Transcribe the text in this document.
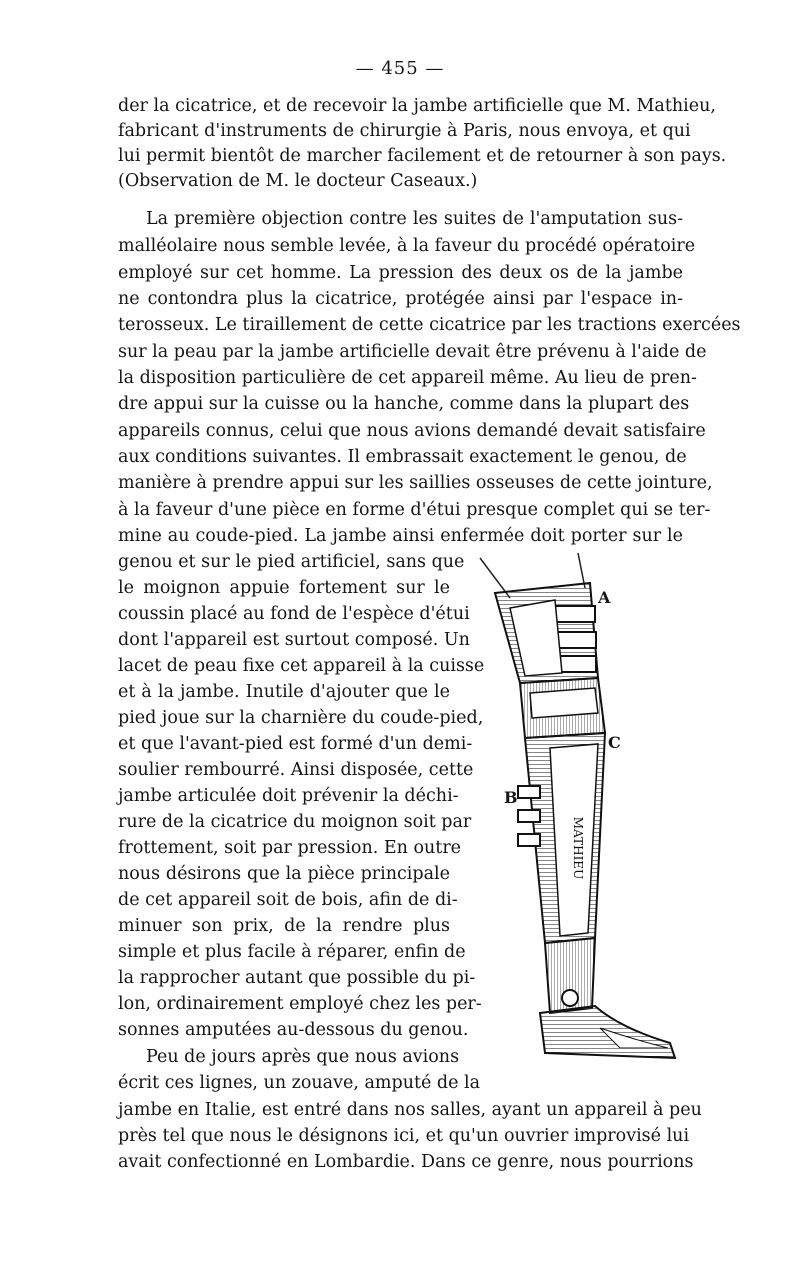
— 455 —
der la cicatrice, et de recevoir la jambe artificielle que M. Mathieu,
fabricant d'instruments de chirurgie à Paris, nous envoya, et qui
lui permit bientôt de marcher facilement et de retourner à son pays.
(Observation de M. le docteur Caseaux.)
La première objection contre les suites de l'amputation sus-
malléolaire nous semble levée, à la faveur du procédé opératoire
employé sur cet homme. La pression des deux os de la jambe
ne contondra plus la cicatrice, protégée ainsi par l'espace in-
terosseux. Le tiraillement de cette cicatrice par les tractions exercées
sur la peau par la jambe artificielle devait être prévenu à l'aide de
la disposition particulière de cet appareil même. Au lieu de pren-
dre appui sur la cuisse ou la hanche, comme dans la plupart des
appareils connus, celui que nous avions demandé devait satisfaire
aux conditions suivantes. Il embrassait exactement le genou, de
manière à prendre appui sur les saillies osseuses de cette jointure,
à la faveur d'une pièce en forme d'étui presque complet qui se ter-
mine au coude-pied. La jambe ainsi enfermée doit porter sur le
genou et sur le pied artificiel, sans que
le moignon appuie fortement sur le
coussin placé au fond de l'espèce d'étui
dont l'appareil est surtout composé. Un
lacet de peau fixe cet appareil à la cuisse
et à la jambe. Inutile d'ajouter que le
pied joue sur la charnière du coude-pied,
et que l'avant-pied est formé d'un demi-
soulier rembourré. Ainsi disposée, cette
jambe articulée doit prévenir la déchi-
rure de la cicatrice du moignon soit par
frottement, soit par pression. En outre
nous désirons que la pièce principale
de cet appareil soit de bois, afin de di-
minuer son prix, de la rendre plus
simple et plus facile à réparer, enfin de
la rapprocher autant que possible du pi-
lon, ordinairement employé chez les per-
sonnes amputées au-dessous du genou.
Peu de jours après que nous avions
écrit ces lignes, un zouave, amputé de la
jambe en Italie, est entré dans nos salles, ayant un appareil à peu
près tel que nous le désignons ici, et qu'un ouvrier improvisé lui
avait confectionné en Lombardie. Dans ce genre, nous pourrions
MATHIEU
A
B
C
